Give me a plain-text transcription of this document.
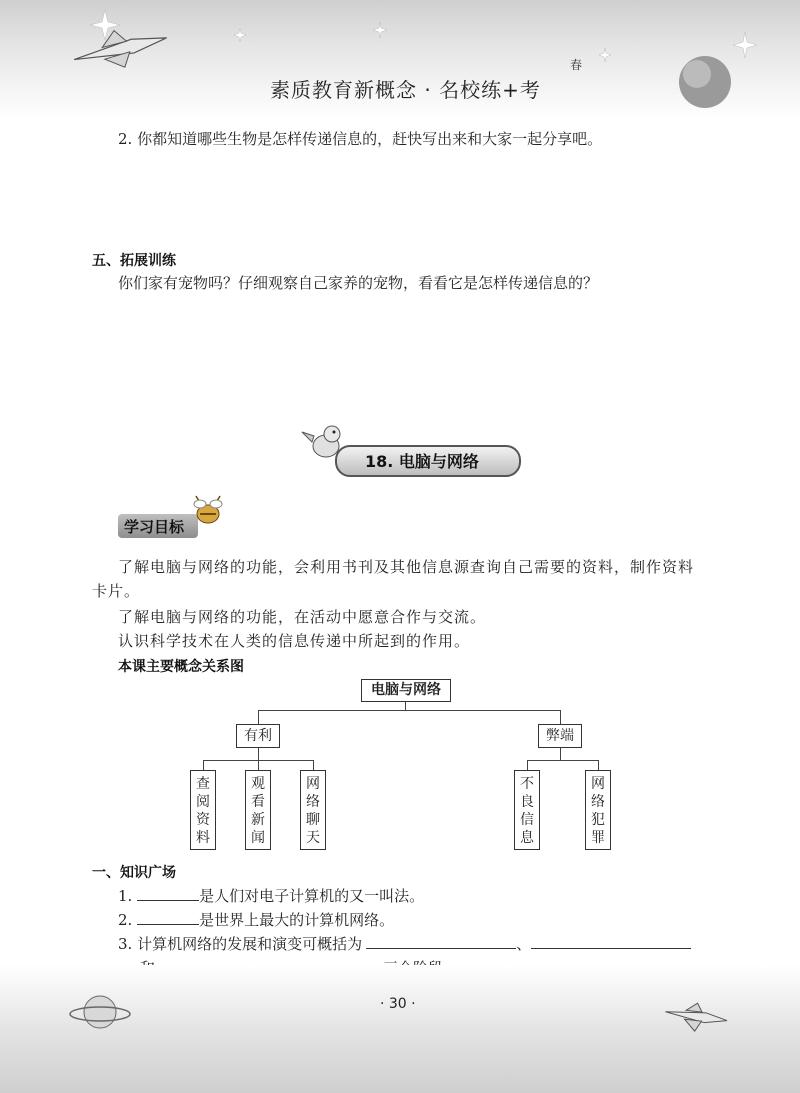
素质教育新概念 · 名校练+考
春
2. 你都知道哪些生物是怎样传递信息的，赶快写出来和大家一起分享吧。
五、拓展训练
你们家有宠物吗？仔细观察自己家养的宠物，看看它是怎样传递信息的？
18. 电脑与网络
学习目标
了解电脑与网络的功能，会利用书刊及其他信息源查询自己需要的资料，制作资料
卡片。
了解电脑与网络的功能，在活动中愿意合作与交流。
认识科学技术在人类的信息传递中所起到的作用。
本课主要概念关系图
电脑与网络
有利	弊端
查
阅
资
料
观
看
新
闻
网
络
聊
天
不
良
信
息
网
络
犯
罪
一、知识广场
1.	是人们对电子计算机的又一叫法。
2.	是世界上最大的计算机网络。
3. 计算机网络的发展和演变可概括为	、
· 30 ·
